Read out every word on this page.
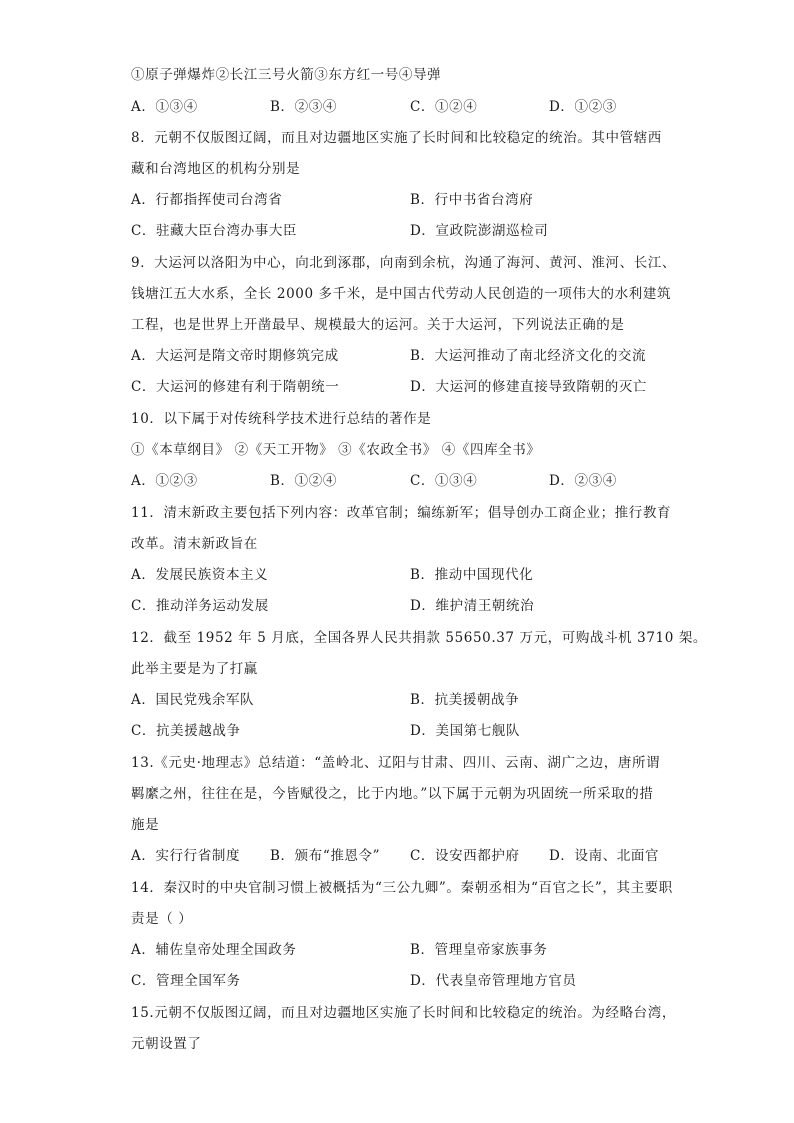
①原子弹爆炸②长江三号火箭③东方红一号④导弹
A．①③④	B．②③④	C．①②④	D．①②③
8．元朝不仅版图辽阔，而且对边疆地区实施了长时间和比较稳定的统治。其中管辖西
藏和台湾地区的机构分别是
A．行都指挥使司台湾省	B．行中书省台湾府
C．驻藏大臣台湾办事大臣	D．宣政院澎湖巡检司
9．大运河以洛阳为中心，向北到涿郡，向南到余杭，沟通了海河、黄河、淮河、长江、
钱塘江五大水系，全长 2000 多千米，是中国古代劳动人民创造的一项伟大的水利建筑
工程，也是世界上开凿最早、规模最大的运河。关于大运河，下列说法正确的是
A．大运河是隋文帝时期修筑完成	B．大运河推动了南北经济文化的交流
C．大运河的修建有利于隋朝统一	D．大运河的修建直接导致隋朝的灭亡
10．以下属于对传统科学技术进行总结的著作是
①《本草纲目》 ②《天工开物》 ③《农政全书》 ④《四库全书》
A．①②③	B．①②④	C．①③④	D．②③④
11．清末新政主要包括下列内容：改革官制；编练新军；倡导创办工商企业；推行教育
改革。清末新政旨在
A．发展民族资本主义	B．推动中国现代化
C．推动洋务运动发展	D．维护清王朝统治
12．截至 1952 年 5 月底，全国各界人民共捐款 55650.37 万元，可购战斗机 3710 架。
此举主要是为了打赢
A．国民党残余军队	B．抗美援朝战争
C．抗美援越战争	D．美国第七舰队
13.《元史·地理志》总结道：“盖岭北、辽阳与甘肃、四川、云南、湖广之边，唐所谓
羁縻之州，往往在是，今皆赋役之，比于内地。”以下属于元朝为巩固统一所采取的措
施是
A．实行行省制度 B．颁布“推恩令” C．设安西都护府 D．设南、北面官
14．秦汉时的中央官制习惯上被概括为“三公九卿”。秦朝丞相为“百官之长”，其主要职
责是（ ）
A．辅佐皇帝处理全国政务	B．管理皇帝家族事务
C．管理全国军务	D．代表皇帝管理地方官员
15.元朝不仅版图辽阔，而且对边疆地区实施了长时间和比较稳定的统治。为经略台湾，
元朝设置了
